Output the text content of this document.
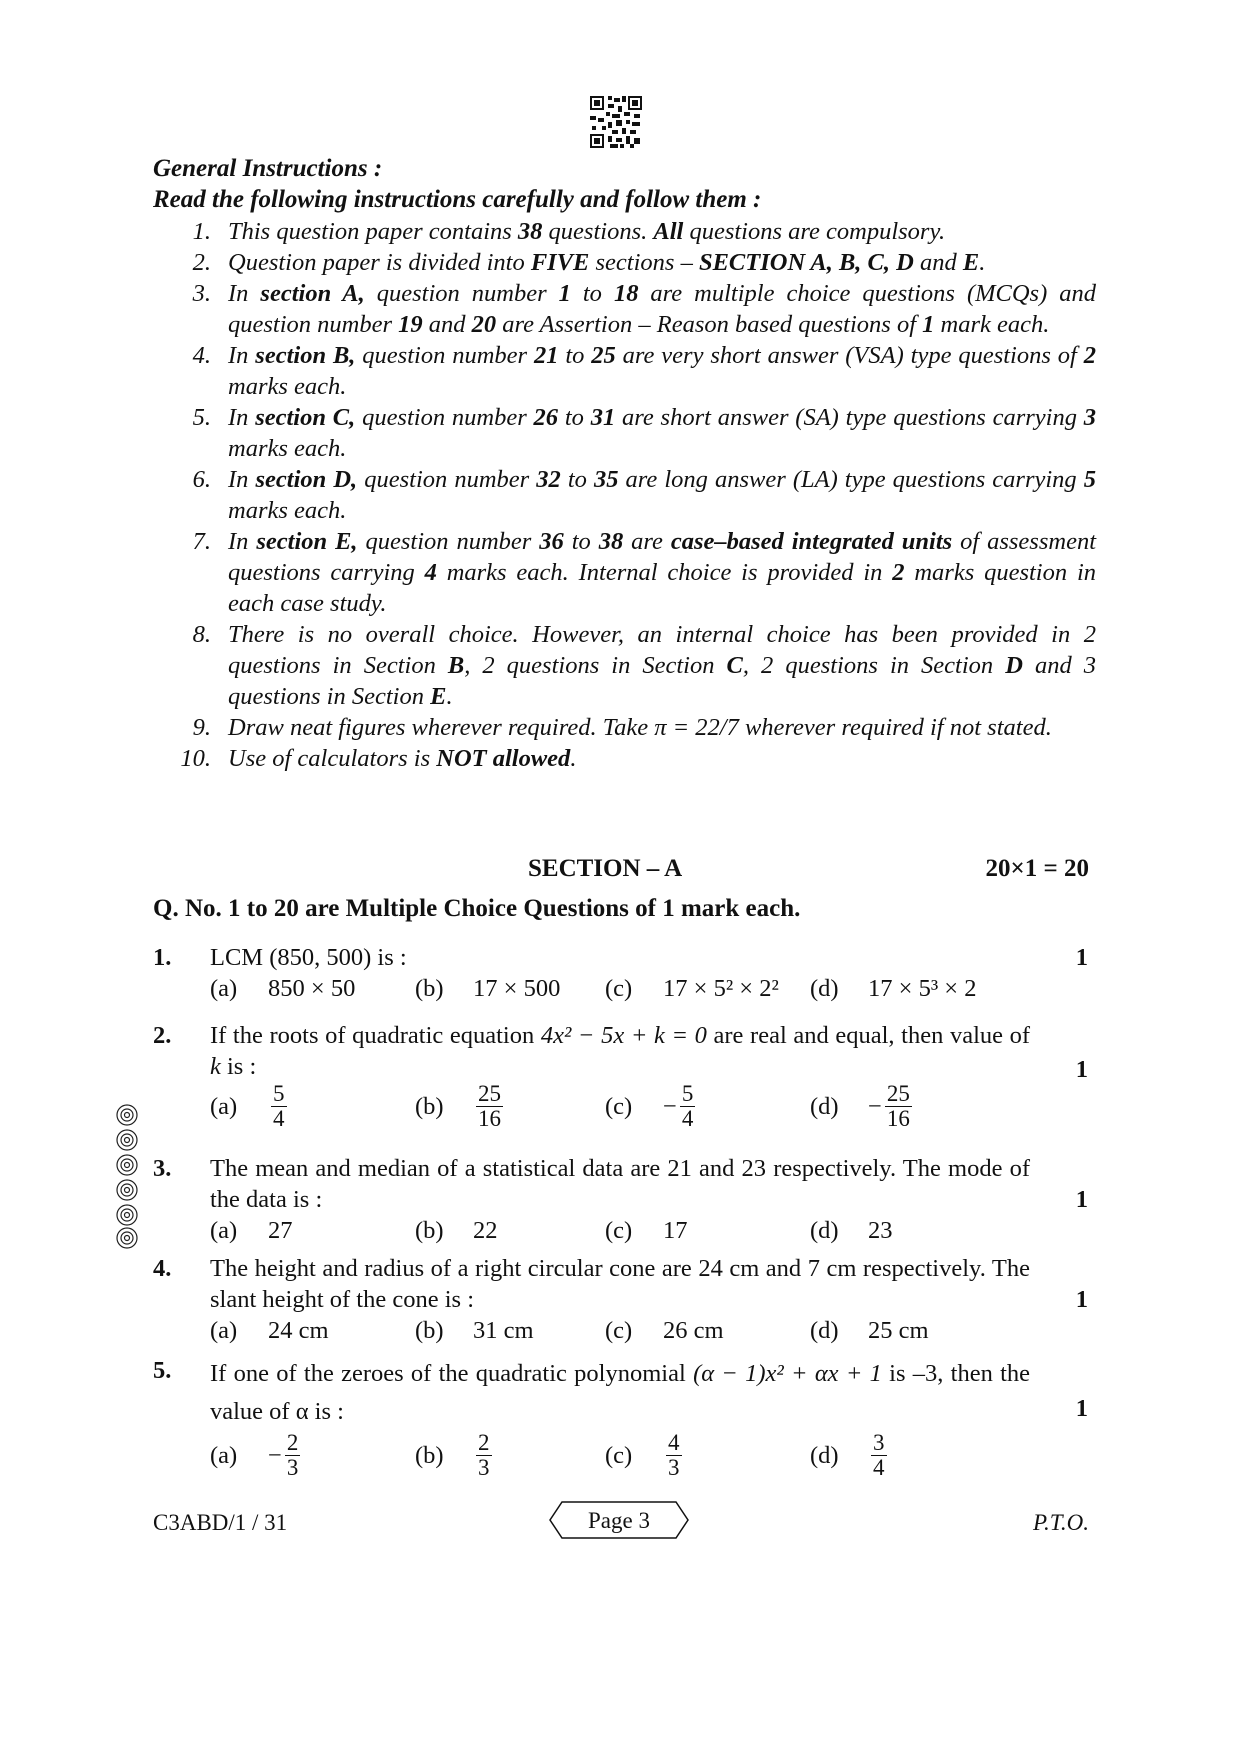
General Instructions :
Read the following instructions carefully and follow them :
1. This question paper contains 38 questions. All questions are compulsory.
2. Question paper is divided into FIVE sections – SECTION A, B, C, D and E.
3. In section A, question number 1 to 18 are multiple choice questions (MCQs) and question number 19 and 20 are Assertion – Reason based questions of 1 mark each.
4. In section B, question number 21 to 25 are very short answer (VSA) type questions of 2 marks each.
5. In section C, question number 26 to 31 are short answer (SA) type questions carrying 3 marks each.
6. In section D, question number 32 to 35 are long answer (LA) type questions carrying 5 marks each.
7. In section E, question number 36 to 38 are case–based integrated units of assessment questions carrying 4 marks each. Internal choice is provided in 2 marks question in each case study.
8. There is no overall choice. However, an internal choice has been provided in 2 questions in Section B, 2 questions in Section C, 2 questions in Section D and 3 questions in Section E.
9. Draw neat figures wherever required. Take π = 22/7 wherever required if not stated.
10. Use of calculators is NOT allowed.
SECTION – A	20×1 = 20
Q. No. 1 to 20 are Multiple Choice Questions of 1 mark each.
1.	1
LCM (850, 500) is :
(a) 850 × 50 (b) 17 × 500 (c) 17 × 5² × 2² (d) 17 × 5³ × 2
2.
1
If the roots of quadratic equation 4x² − 5x + k = 0 are real and equal, then value of k is :
$(a) \frac{5}{4}$	$(b) \frac{25}{16}$	$(c) - \frac{5}{4}$	$(d) - \frac{25}{16}$
3.
1
The mean and median of a statistical data are 21 and 23 respectively. The mode of the data is :
(a) 27	(b) 22	(c) 17	(d) 23
4.
1
The height and radius of a right circular cone are 24 cm and 7 cm respectively. The slant height of the cone is :
(a) 24 cm	(b) 31 cm	(c) 26 cm	(d) 25 cm
5.
1
If one of the zeroes of the quadratic polynomial (α − 1)x² + αx + 1 is –3, then the value of α is :
$(a) - \frac{2}{3}$	$(b) \frac{2}{3}$	$(c) \frac{4}{3}$	$(d) \frac{3}{4}$
C3ABD/1 / 31	Page 3	P.T.O.
